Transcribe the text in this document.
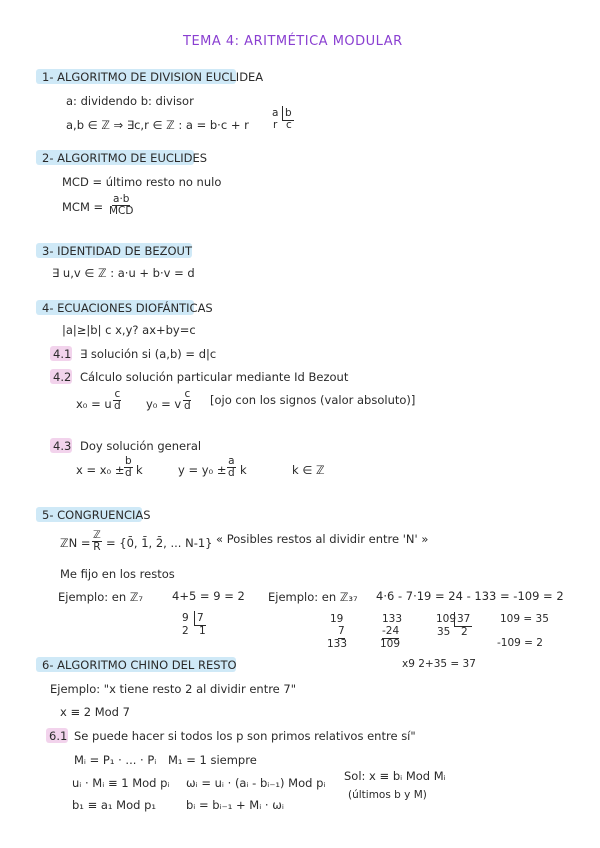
TEMA 4: ARITMÉTICA MODULAR
1- ALGORITMO DE DIVISION EUCLIDEA
a: dividendo b: divisor
a,b ∈ ℤ ⇒ ∃c,r ∈ ℤ : a = b·c + r
a b
r c
2- ALGORITMO DE EUCLIDES
MCD = último resto no nulo
MCM =
a·b
MCD
3- IDENTIDAD DE BEZOUT
∃ u,v ∈ ℤ : a·u + b·v = d
4- ECUACIONES DIOFÁNTICAS
|a|≥|b| c x,y? ax+by=c
4.1 ∃ solución si (a,b) = d|c
4.2 Cálculo solución particular mediante Id Bezout
x₀ = u $\frac{c}{d} y_0 = v \frac{c}{d} [ojo$ con los signos (valor absoluto)]
4.3 Doy solución general
$x = x_0 \pm \frac{b}{d}$ k	$y = y_0 \pm \frac{a}{d}$ k	k ∈ ℤ
5- CONGRUENCIAS
ℤN =
ℤ
R = {0̄, 1̄, 2̄, ... N-1} « Posibles restos al dividir entre 'N' »
Me fijo en los restos
Ejemplo: en ℤ₇	4+5 = 9 = 2
9 7
2 1
Ejemplo: en ℤ₃₇ 4·6 - 7·19 = 24 - 133 = -109 = 2
19
7
133
133
-24
109
109 37
35 2
109 = 35
-109 = 2
x9 2+35 = 37
6- ALGORITMO CHINO DEL RESTO
Ejemplo: "x tiene resto 2 al dividir entre 7"
x ≡ 2 Mod 7
6.1 Se puede hacer si todos los p son primos relativos entre sí"
Mᵢ = P₁ · ... · Pᵢ M₁ = 1 siempre
uᵢ · Mᵢ ≡ 1 Mod pᵢ ωᵢ = uᵢ · (aᵢ - bᵢ₋₁) Mod pᵢ
b₁ ≡ a₁ Mod p₁	bᵢ = bᵢ₋₁ + Mᵢ · ωᵢ
Sol: x ≡ bᵢ Mod Mᵢ
(últimos b y M)
